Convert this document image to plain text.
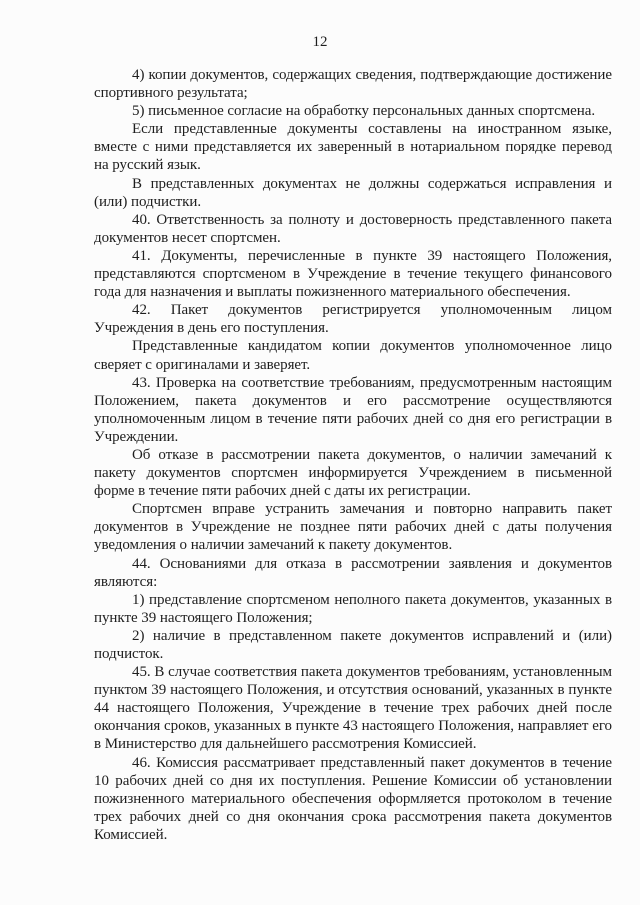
12

4) копии документов, содержащих сведения, подтверждающие достижение спортивного результата;

5) письменное согласие на обработку персональных данных спортсмена.

Если представленные документы составлены на иностранном языке, вместе с ними представляется их заверенный в нотариальном порядке перевод на русский язык.

В представленных документах не должны содержаться исправления и (или) подчистки.

40. Ответственность за полноту и достоверность представленного пакета документов несет спортсмен.

41. Документы, перечисленные в пункте 39 настоящего Положения, представляются спортсменом в Учреждение в течение текущего финансового года для назначения и выплаты пожизненного материального обеспечения.

42. Пакет документов регистрируется уполномоченным лицом Учреждения в день его поступления.

Представленные кандидатом копии документов уполномоченное лицо сверяет с оригиналами и заверяет.

43. Проверка на соответствие требованиям, предусмотренным настоящим Положением, пакета документов и его рассмотрение осуществляются уполномоченным лицом в течение пяти рабочих дней со дня его регистрации в Учреждении.

Об отказе в рассмотрении пакета документов, о наличии замечаний к пакету документов спортсмен информируется Учреждением в письменной форме в течение пяти рабочих дней с даты их регистрации.

Спортсмен вправе устранить замечания и повторно направить пакет документов в Учреждение не позднее пяти рабочих дней с даты получения уведомления о наличии замечаний к пакету документов.

44. Основаниями для отказа в рассмотрении заявления и документов являются:

1) представление спортсменом неполного пакета документов, указанных в пункте 39 настоящего Положения;

2) наличие в представленном пакете документов исправлений и (или) подчисток.

45. В случае соответствия пакета документов требованиям, установленным пунктом 39 настоящего Положения, и отсутствия оснований, указанных в пункте 44 настоящего Положения, Учреждение в течение трех рабочих дней после окончания сроков, указанных в пункте 43 настоящего Положения, направляет его в Министерство для дальнейшего рассмотрения Комиссией.

46. Комиссия рассматривает представленный пакет документов в течение 10 рабочих дней со дня их поступления. Решение Комиссии об установлении пожизненного материального обеспечения оформляется протоколом в течение трех рабочих дней со дня окончания срока рассмотрения пакета документов Комиссией.
